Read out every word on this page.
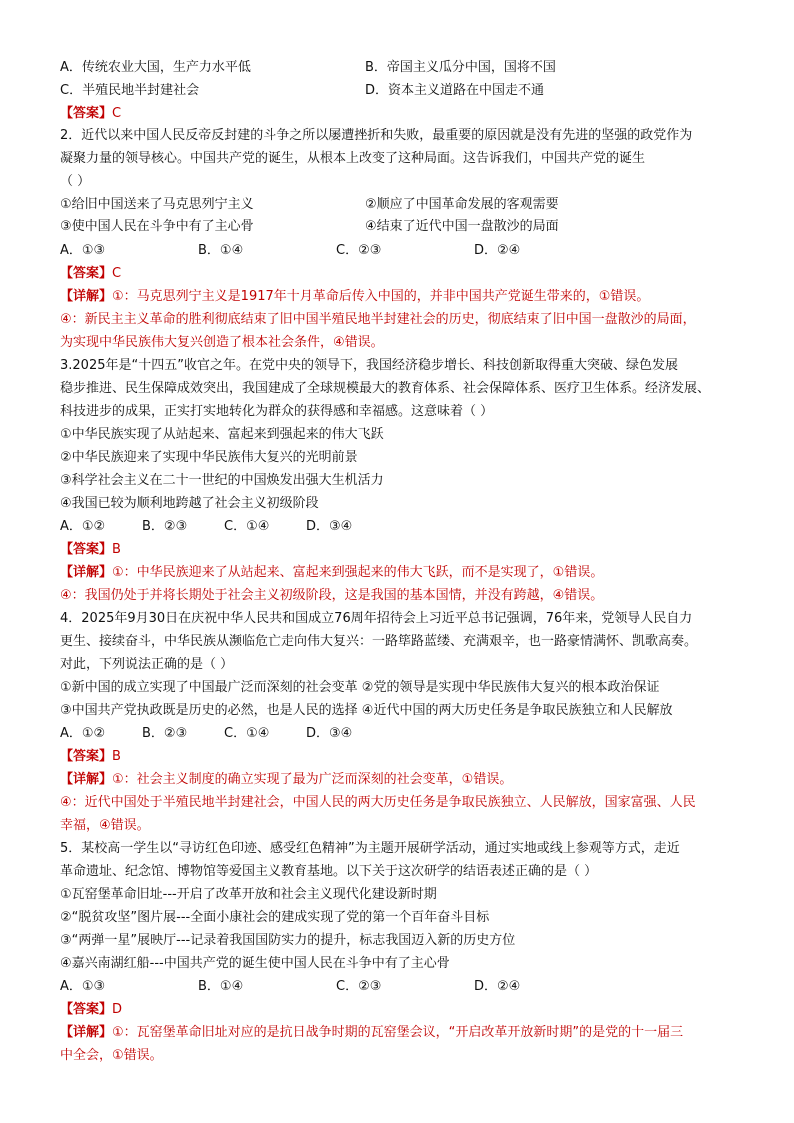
A．传统农业大国，生产力水平低	B．帝国主义瓜分中国，国将不国
C．半殖民地半封建社会	D．资本主义道路在中国走不通
【答案】C
2．近代以来中国人民反帝反封建的斗争之所以屡遭挫折和失败，最重要的原因就是没有先进的坚强的政党作为
凝聚力量的领导核心。中国共产党的诞生，从根本上改变了这种局面。这告诉我们，中国共产党的诞生
（ ）
①给旧中国送来了马克思列宁主义	②顺应了中国革命发展的客观需要
③使中国人民在斗争中有了主心骨	④结束了近代中国一盘散沙的局面
A．①③	B．①④	C．②③	D．②④
【答案】C
【详解】①：马克思列宁主义是1917年十月革命后传入中国的，并非中国共产党诞生带来的，①错误。
④：新民主主义革命的胜利彻底结束了旧中国半殖民地半封建社会的历史，彻底结束了旧中国一盘散沙的局面，
为实现中华民族伟大复兴创造了根本社会条件，④错误。
3.2025年是“十四五”收官之年。在党中央的领导下，我国经济稳步增长、科技创新取得重大突破、绿色发展
稳步推进、民生保障成效突出，我国建成了全球规模最大的教育体系、社会保障体系、医疗卫生体系。经济发展、
科技进步的成果，正实打实地转化为群众的获得感和幸福感。这意味着（ ）
①中华民族实现了从站起来、富起来到强起来的伟大飞跃
②中华民族迎来了实现中华民族伟大复兴的光明前景
③科学社会主义在二十一世纪的中国焕发出强大生机活力
④我国已较为顺利地跨越了社会主义初级阶段
A．①②	B．②③	C．①④	D．③④
【答案】B
【详解】①：中华民族迎来了从站起来、富起来到强起来的伟大飞跃，而不是实现了，①错误。
④：我国仍处于并将长期处于社会主义初级阶段，这是我国的基本国情，并没有跨越，④错误。
4．2025年9月30日在庆祝中华人民共和国成立76周年招待会上习近平总书记强调，76年来，党领导人民自力
更生、接续奋斗，中华民族从濒临危亡走向伟大复兴：一路筚路蓝缕、充满艰辛，也一路豪情满怀、凯歌高奏。
对此，下列说法正确的是（ ）
①新中国的成立实现了中国最广泛而深刻的社会变革 ②党的领导是实现中华民族伟大复兴的根本政治保证
③中国共产党执政既是历史的必然，也是人民的选择 ④近代中国的两大历史任务是争取民族独立和人民解放
A．①②	B．②③	C．①④	D．③④
【答案】B
【详解】①：社会主义制度的确立实现了最为广泛而深刻的社会变革，①错误。
④：近代中国处于半殖民地半封建社会，中国人民的两大历史任务是争取民族独立、人民解放，国家富强、人民
幸福，④错误。
5．某校高一学生以“寻访红色印迹、感受红色精神”为主题开展研学活动，通过实地或线上参观等方式，走近
革命遗址、纪念馆、博物馆等爱国主义教育基地。以下关于这次研学的结语表述正确的是（ ）
①瓦窑堡革命旧址---开启了改革开放和社会主义现代化建设新时期
②“脱贫攻坚”图片展---全面小康社会的建成实现了党的第一个百年奋斗目标
③“两弹一星”展映厅---记录着我国国防实力的提升，标志我国迈入新的历史方位
④嘉兴南湖红船---中国共产党的诞生使中国人民在斗争中有了主心骨
A．①③	B．①④	C．②③	D．②④
【答案】D
【详解】①：瓦窑堡革命旧址对应的是抗日战争时期的瓦窑堡会议，“开启改革开放新时期”的是党的十一届三
中全会，①错误。
